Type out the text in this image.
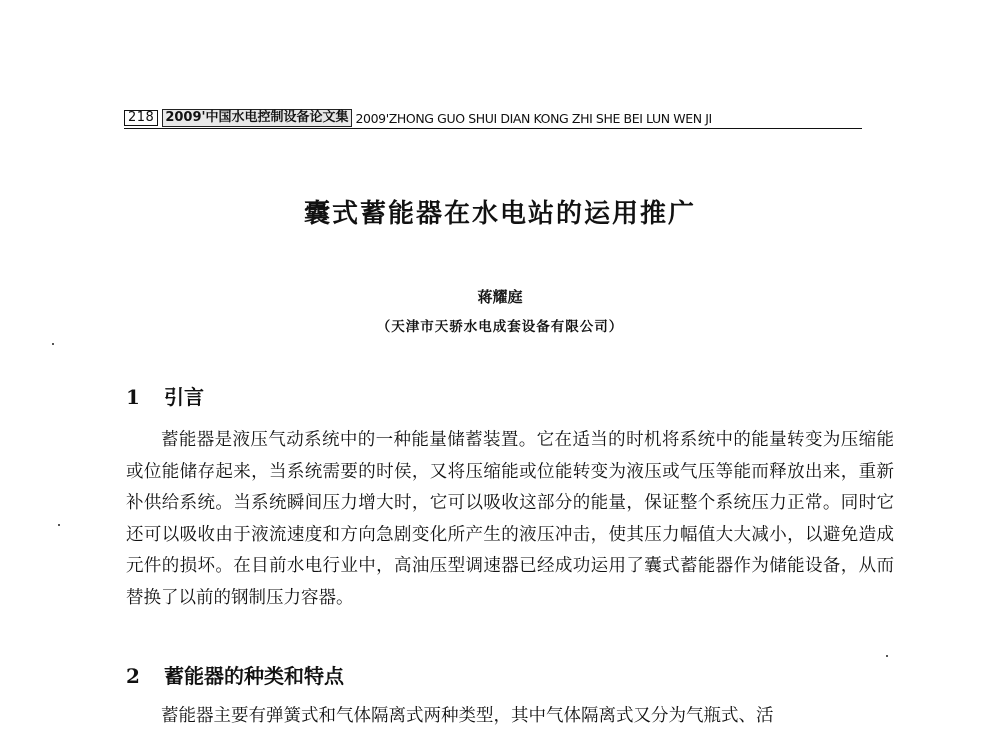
218 2009'中国水电控制设备论文集 2009'ZHONG GUO SHUI DIAN KONG ZHI SHE BEI LUN WEN JI
囊式蓄能器在水电站的运用推广
蒋耀庭
（天津市天骄水电成套设备有限公司）
1 引言

蓄能器是液压气动系统中的一种能量储蓄装置。它在适当的时机将系统中的能量转变为压缩能或位能储存起来，当系统需要的时侯，又将压缩能或位能转变为液压或气压等能而释放出来，重新补供给系统。当系统瞬间压力增大时，它可以吸收这部分的能量，保证整个系统压力正常。同时它还可以吸收由于液流速度和方向急剧变化所产生的液压冲击，使其压力幅值大大减小，以避免造成元件的损坏。在目前水电行业中，高油压型调速器已经成功运用了囊式蓄能器作为储能设备，从而替换了以前的钢制压力容器。

2 蓄能器的种类和特点

蓄能器主要有弹簧式和气体隔离式两种类型，其中气体隔离式又分为气瓶式、活
